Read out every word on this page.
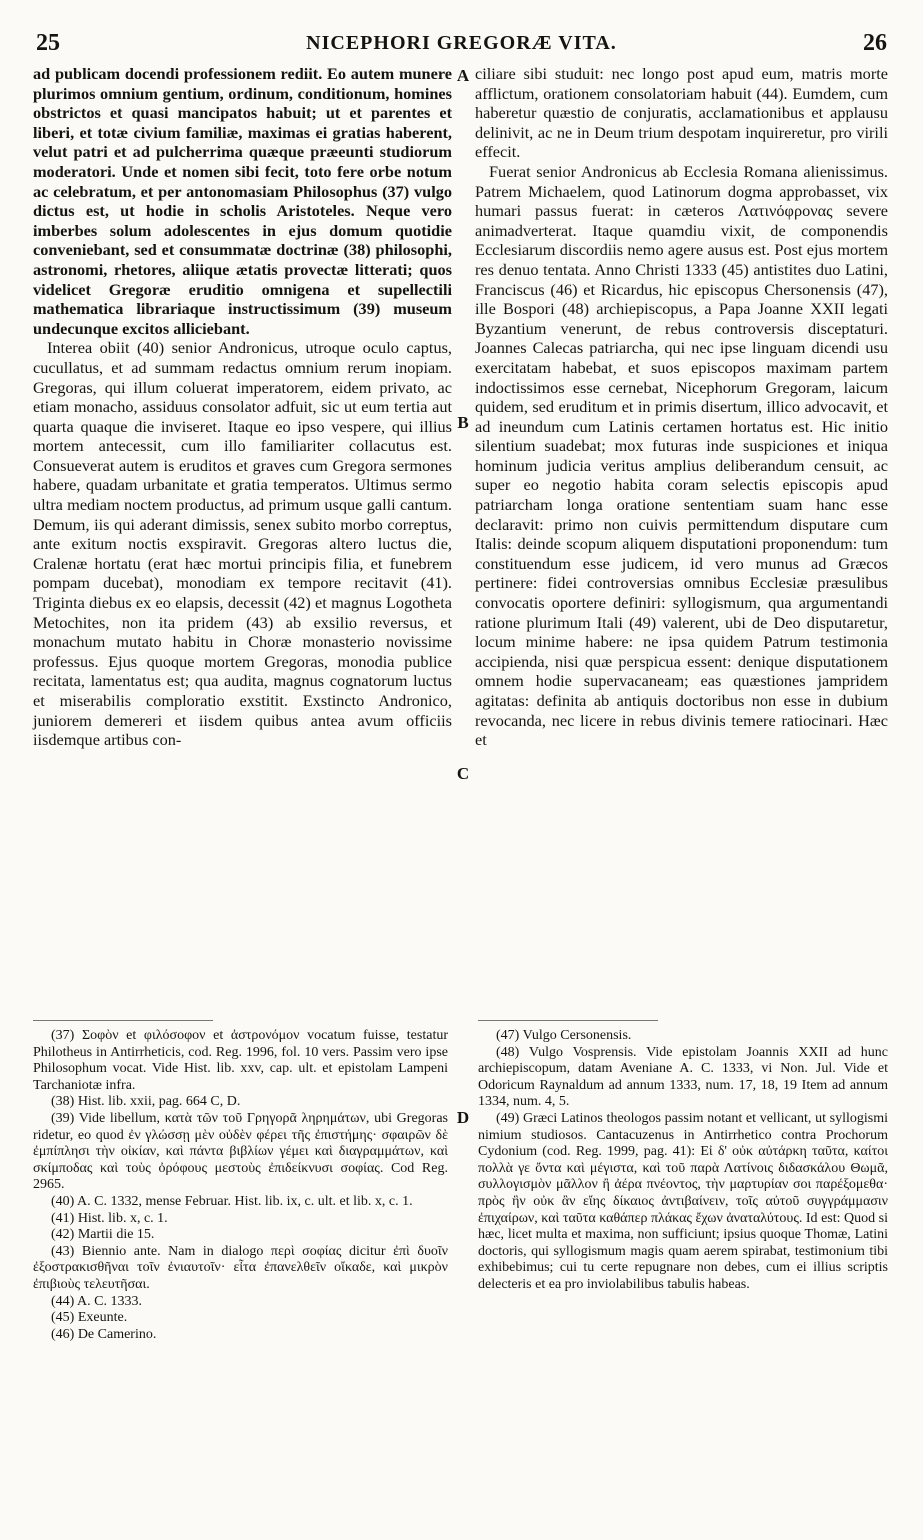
25	NICEPHORI GREGORÆ VITA.	26

ad publicam docendi professionem rediit. Eo autem munere plurimos omnium gentium, ordinum, conditionum, homines obstrictos et quasi mancipatos habuit; ut et parentes et liberi, et totæ civium familiæ, maximas ei gratias haberent, velut patri et ad pulcherrima quæque præeunti studiorum moderatori. Unde et nomen sibi fecit, toto fere orbe notum ac celebratum, et per antonomasiam Philosophus (37) vulgo dictus est, ut hodie in scholis Aristoteles. Neque vero imberbes solum adolescentes in ejus domum quotidie conveniebant, sed et consummatæ doctrinæ (38) philosophi, astronomi, rhetores, aliique ætatis provectæ litterati; quos videlicet Gregoræ eruditio omnigena et supellectili mathematica librariaque instructissimum (39) museum undecunque excitos alliciebant.

Interea obiit (40) senior Andronicus, utroque oculo captus, cucullatus, et ad summam redactus omnium rerum inopiam. Gregoras, qui illum coluerat imperatorem, eidem privato, ac etiam monacho, assiduus consolator adfuit, sic ut eum tertia aut quarta quaque die inviseret. Itaque eo ipso vespere, qui illius mortem antecessit, cum illo familiariter collacutus est. Consueverat autem is eruditos et graves cum Gregora sermones habere, quadam urbanitate et gratia temperatos. Ultimus sermo ultra mediam noctem productus, ad primum usque galli cantum. Demum, iis qui aderant dimissis, senex subito morbo correptus, ante exitum noctis exspiravit. Gregoras altero luctus die, Cralenæ hortatu (erat hæc mortui principis filia, et funebrem pompam ducebat), monodiam ex tempore recitavit (41). Triginta diebus ex eo elapsis, decessit (42) et magnus Logotheta Metochites, non ita pridem (43) ab exsilio reversus, et monachum mutato habitu in Choræ monasterio novissime professus. Ejus quoque mortem Gregoras, monodia publice recitata, lamentatus est; qua audita, magnus cognatorum luctus et miserabilis comploratio exstitit. Exstincto Andronico, juniorem demereri et iisdem quibus antea avum officiis iisdemque artibus con-

A
B
C
D

ciliare sibi studuit: nec longo post apud eum, matris morte afflictum, orationem consolatoriam habuit (44). Eumdem, cum haberetur quæstio de conjuratis, acclamationibus et applausu delinivit, ac ne in Deum trium despotam inquireretur, pro virili effecit.

Fuerat senior Andronicus ab Ecclesia Romana alienissimus. Patrem Michaelem, quod Latinorum dogma approbasset, vix humari passus fuerat: in cæteros Λατινόφρονας severe animadverterat. Itaque quamdiu vixit, de componendis Ecclesiarum discordiis nemo agere ausus est. Post ejus mortem res denuo tentata. Anno Christi 1333 (45) antistites duo Latini, Franciscus (46) et Ricardus, hic episcopus Chersonensis (47), ille Bospori (48) archiepiscopus, a Papa Joanne XXII legati Byzantium venerunt, de rebus controversis disceptaturi. Joannes Calecas patriarcha, qui nec ipse linguam dicendi usu exercitatam habebat, et suos episcopos maximam partem indoctissimos esse cernebat, Nicephorum Gregoram, laicum quidem, sed eruditum et in primis disertum, illico advocavit, et ad ineundum cum Latinis certamen hortatus est. Hic initio silentium suadebat; mox futuras inde suspiciones et iniqua hominum judicia veritus amplius deliberandum censuit, ac super eo negotio habita coram selectis episcopis apud patriarcham longa oratione sententiam suam hanc esse declaravit: primo non cuivis permittendum disputare cum Italis: deinde scopum aliquem disputationi proponendum: tum constituendum esse judicem, id vero munus ad Græcos pertinere: fidei controversias omnibus Ecclesiæ præsulibus convocatis oportere definiri: syllogismum, qua argumentandi ratione plurimum Itali (49) valerent, ubi de Deo disputaretur, locum minime habere: ne ipsa quidem Patrum testimonia accipienda, nisi quæ perspicua essent: denique disputationem omnem hodie supervacaneam; eas quæstiones jampridem agitatas: definita ab antiquis doctoribus non esse in dubium revocanda, nec licere in rebus divinis temere ratiocinari. Hæc et

(37) Σοφὸν et φιλόσοφον et ἀστρονόμον vocatum fuisse, testatur Philotheus in Antirrheticis, cod. Reg. 1996, fol. 10 vers. Passim vero ipse Philosophum vocat. Vide Hist. lib. xxv, cap. ult. et epistolam Lampeni Tarchaniotæ infra.

(38) Hist. lib. xxii, pag. 664 C, D.

(39) Vide libellum, κατὰ τῶν τοῦ Γρηγορᾶ ληρημάτων, ubi Gregoras ridetur, eo quod ἐν γλώσσῃ μὲν οὐδὲν φέρει τῆς ἐπιστήμης· σφαιρῶν δὲ ἐμπίπλησι τὴν οἰκίαν, καὶ πάντα βιβλίων γέμει καὶ διαγραμμάτων, καὶ σκίμποδας καὶ τοὺς ὀρόφους μεστοὺς ἐπιδείκνυσι σοφίας. Cod Reg. 2965.

(40) A. C. 1332, mense Februar. Hist. lib. ix, c. ult. et lib. x, c. 1.

(41) Hist. lib. x, c. 1.

(42) Martii die 15.

(43) Biennio ante. Nam in dialogo περὶ σοφίας dicitur ἐπὶ δυοῖν ἐξοστρακισθῆναι τοῖν ἐνιαυτοῖν· εἶτα ἐπανελθεῖν οἴκαδε, καὶ μικρὸν ἐπιβιοὺς τελευτῆσαι.

(44) A. C. 1333.

(45) Exeunte.

(46) De Camerino.

(47) Vulgo Cersonensis.

(48) Vulgo Vosprensis. Vide epistolam Joannis XXII ad hunc archiepiscopum, datam Aveniane A. C. 1333, vi Non. Jul. Vide et Odoricum Raynaldum ad annum 1333, num. 17, 18, 19 Item ad annum 1334, num. 4, 5.

(49) Græci Latinos theologos passim notant et vellicant, ut syllogismi nimium studiosos. Cantacuzenus in Antirrhetico contra Prochorum Cydonium (cod. Reg. 1999, pag. 41): Εἰ δ' οὐκ αὐτάρκη ταῦτα, καίτοι πολλὰ γε ὄντα καὶ μέγιστα, καὶ τοῦ παρὰ Λατίνοις διδασκάλου Θωμᾶ, συλλογισμὸν μᾶλλον ἢ ἀέρα πνέοντος, τὴν μαρτυρίαν σοι παρέξομεθα· πρὸς ἣν οὐκ ἂν εἴης δίκαιος ἀντιβαίνειν, τοῖς αὐτοῦ συγγράμμασιν ἐπιχαίρων, καὶ ταῦτα καθάπερ πλάκας ἔχων ἀναταλύτους. Id est: Quod si hæc, licet multa et maxima, non sufficiunt; ipsius quoque Thomæ, Latini doctoris, qui syllogismum magis quam aerem spirabat, testimonium tibi exhibebimus; cui tu certe repugnare non debes, cum ei illius scriptis delecteris et ea pro inviolabilibus tabulis habeas.
